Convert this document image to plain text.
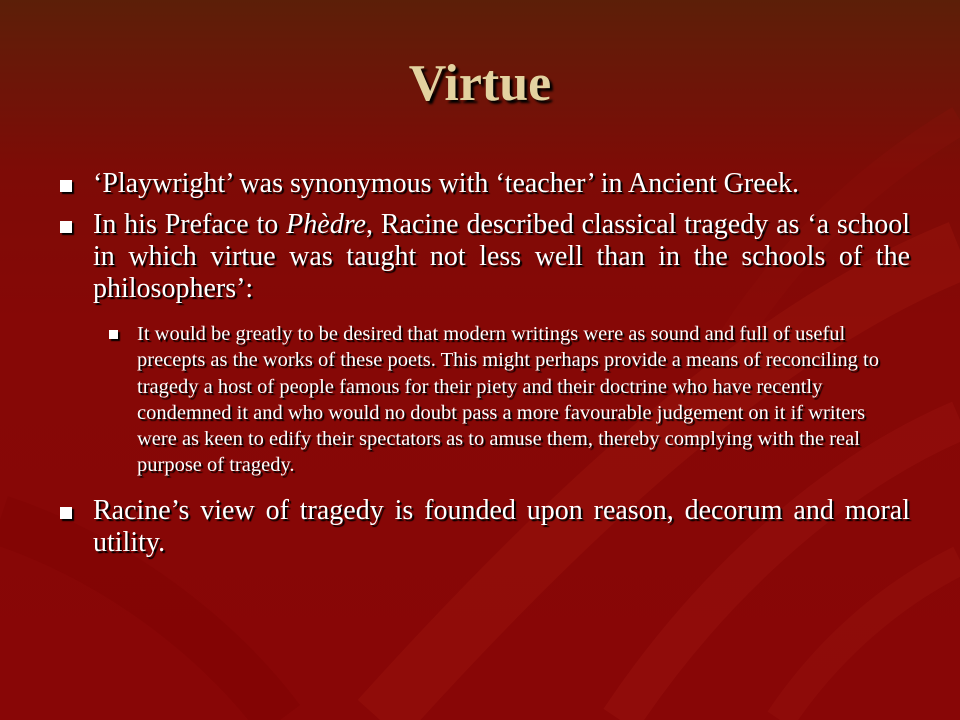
Virtue
‘Playwright’ was synonymous with ‘teacher’ in Ancient Greek.
In his Preface to Phèdre, Racine described classical tragedy as ‘a school in which virtue was taught not less well than in the schools of the philosophers’:
It would be greatly to be desired that modern writings were as sound and full of useful precepts as the works of these poets. This might perhaps provide a means of reconciling to tragedy a host of people famous for their piety and their doctrine who have recently condemned it and who would no doubt pass a more favourable judgement on it if writers were as keen to edify their spectators as to amuse them, thereby complying with the real purpose of tragedy.
Racine’s view of tragedy is founded upon reason, decorum and moral utility.
